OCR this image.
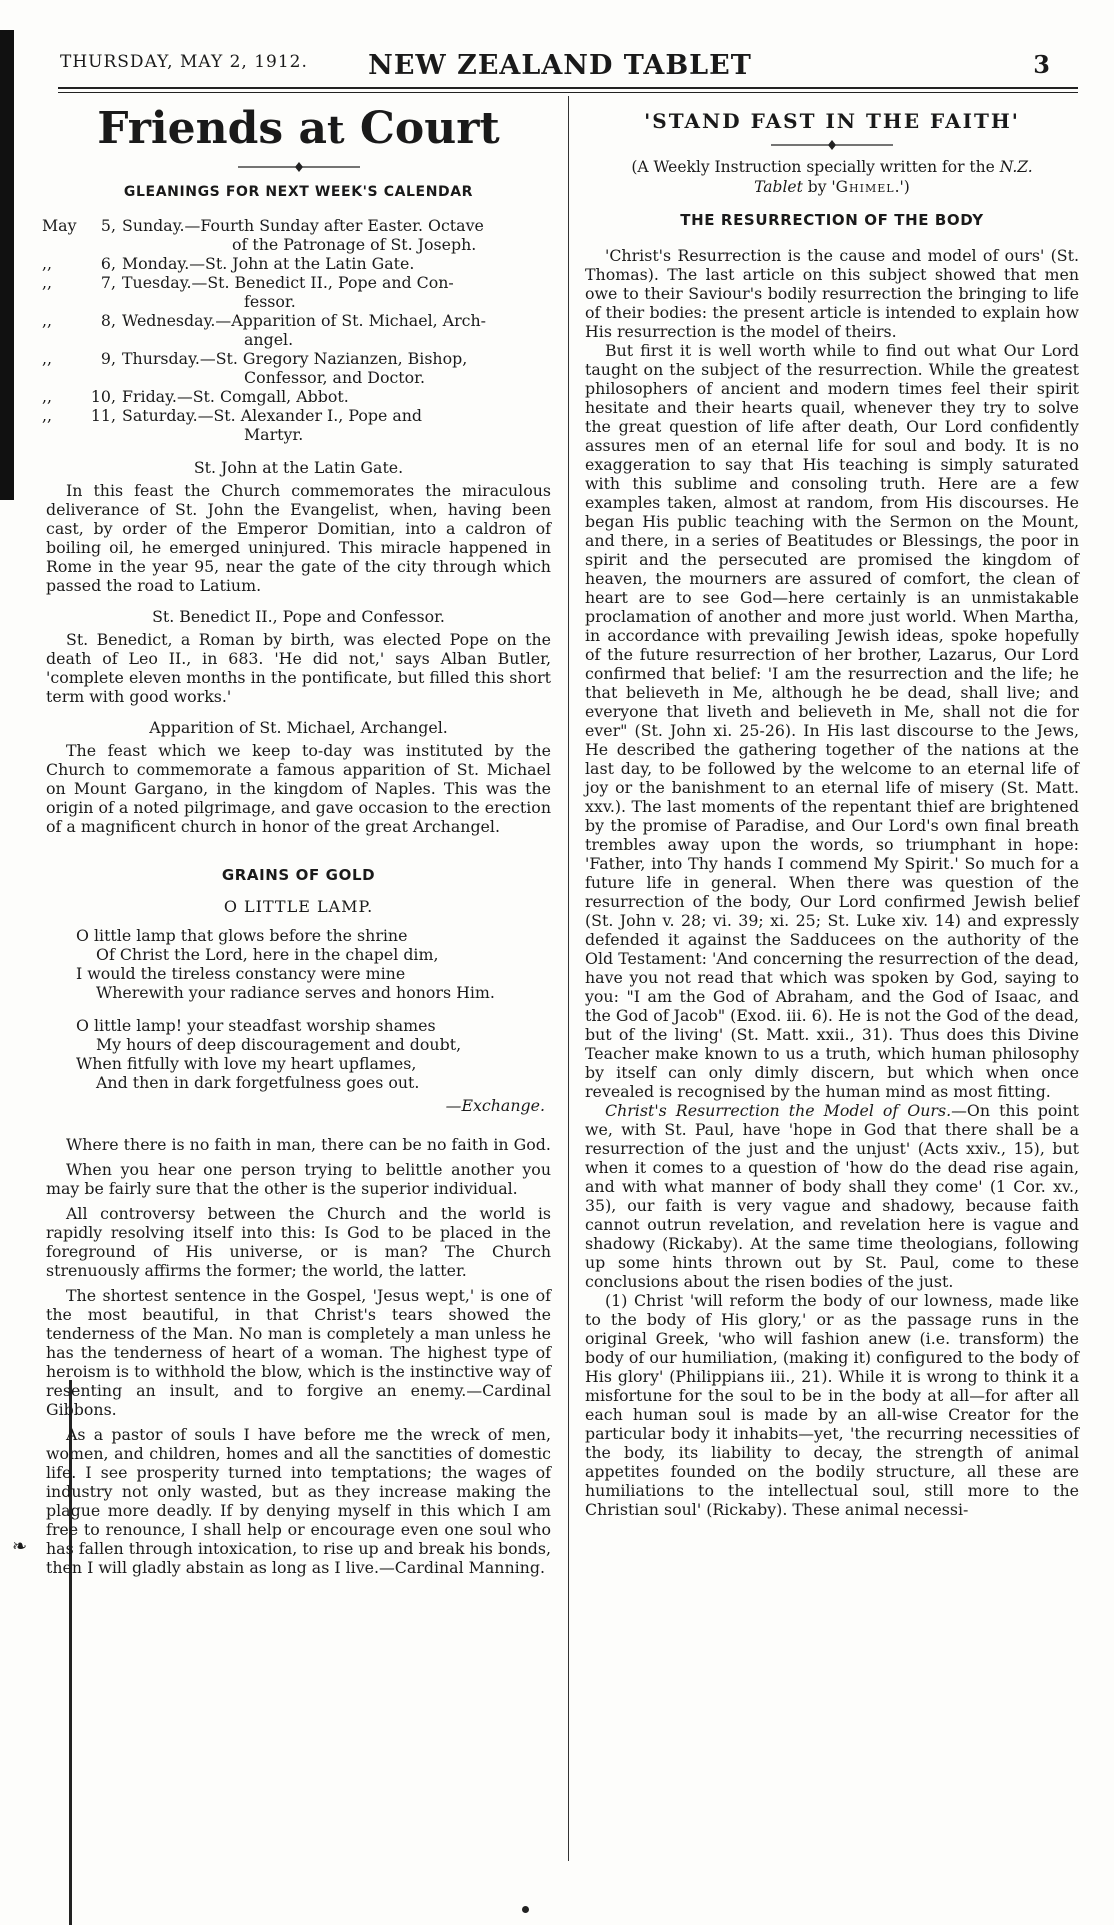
❧
THURSDAY, MAY 2, 1912.	NEW ZEALAND TABLET	3
Friends at Court
GLEANINGS FOR NEXT WEEK'S CALENDAR
May	5, Sunday.—Fourth Sunday after Easter. Octave
of the Patronage of St. Joseph.
,,	6, Monday.—St. John at the Latin Gate.
,,	7, Tuesday.—St. Benedict II., Pope and Con-
fessor.
,,	8, Wednesday.—Apparition of St. Michael, Arch-
angel.
,,	9, Thursday.—St. Gregory Nazianzen, Bishop,
Confessor, and Doctor.
,,	10, Friday.—St. Comgall, Abbot.
,,	11, Saturday.—St. Alexander I., Pope and
Martyr.
St. John at the Latin Gate.

In this feast the Church commemorates the miraculous deliverance of St. John the Evangelist, when, having been cast, by order of the Emperor Domitian, into a caldron of boiling oil, he emerged uninjured. This miracle happened in Rome in the year 95, near the gate of the city through which passed the road to Latium.

St. Benedict II., Pope and Confessor.

St. Benedict, a Roman by birth, was elected Pope on the death of Leo II., in 683. 'He did not,' says Alban Butler, 'complete eleven months in the pontificate, but filled this short term with good works.'

Apparition of St. Michael, Archangel.

The feast which we keep to-day was instituted by the Church to commemorate a famous apparition of St. Michael on Mount Gargano, in the kingdom of Naples. This was the origin of a noted pilgrimage, and gave occasion to the erection of a magnificent church in honor of the great Archangel.

GRAINS OF GOLD
O LITTLE LAMP.
O little lamp that glows before the shrine
Of Christ the Lord, here in the chapel dim,
I would the tireless constancy were mine
Wherewith your radiance serves and honors Him.
O little lamp! your steadfast worship shames
My hours of deep discouragement and doubt,
When fitfully with love my heart upflames,
And then in dark forgetfulness goes out.
—Exchange.

Where there is no faith in man, there can be no faith in God.

When you hear one person trying to belittle another you may be fairly sure that the other is the superior individual.

All controversy between the Church and the world is rapidly resolving itself into this: Is God to be placed in the foreground of His universe, or is man? The Church strenuously affirms the former; the world, the latter.

The shortest sentence in the Gospel, 'Jesus wept,' is one of the most beautiful, in that Christ's tears showed the tenderness of the Man. No man is completely a man unless he has the tenderness of heart of a woman. The highest type of heroism is to withhold the blow, which is the instinctive way of resenting an insult, and to forgive an enemy.—Cardinal Gibbons.

As a pastor of souls I have before me the wreck of men, women, and children, homes and all the sanctities of domestic life. I see prosperity turned into temptations; the wages of industry not only wasted, but as they increase making the plague more deadly. If by denying myself in this which I am free to renounce, I shall help or encourage even one soul who has fallen through intoxication, to rise up and break his bonds, then I will gladly abstain as long as I live.—Cardinal Manning.

'STAND FAST IN THE FAITH'
(A Weekly Instruction specially written for the N.Z.
Tablet by 'Ghimel.')
THE RESURRECTION OF THE BODY

'Christ's Resurrection is the cause and model of ours' (St. Thomas). The last article on this subject showed that men owe to their Saviour's bodily resurrection the bringing to life of their bodies: the present article is intended to explain how His resurrection is the model of theirs.

But first it is well worth while to find out what Our Lord taught on the subject of the resurrection. While the greatest philosophers of ancient and modern times feel their spirit hesitate and their hearts quail, whenever they try to solve the great question of life after death, Our Lord confidently assures men of an eternal life for soul and body. It is no exaggeration to say that His teaching is simply saturated with this sublime and consoling truth. Here are a few examples taken, almost at random, from His discourses. He began His public teaching with the Sermon on the Mount, and there, in a series of Beatitudes or Blessings, the poor in spirit and the persecuted are promised the kingdom of heaven, the mourners are assured of comfort, the clean of heart are to see God—here certainly is an unmistakable proclamation of another and more just world. When Martha, in accordance with prevailing Jewish ideas, spoke hopefully of the future resurrection of her brother, Lazarus, Our Lord confirmed that belief: 'I am the resurrection and the life; he that believeth in Me, although he be dead, shall live; and everyone that liveth and believeth in Me, shall not die for ever" (St. John xi. 25-26). In His last discourse to the Jews, He described the gathering together of the nations at the last day, to be followed by the welcome to an eternal life of joy or the banishment to an eternal life of misery (St. Matt. xxv.). The last moments of the repentant thief are brightened by the promise of Paradise, and Our Lord's own final breath trembles away upon the words, so triumphant in hope: 'Father, into Thy hands I commend My Spirit.' So much for a future life in general. When there was question of the resurrection of the body, Our Lord confirmed Jewish belief (St. John v. 28; vi. 39; xi. 25; St. Luke xiv. 14) and expressly defended it against the Sadducees on the authority of the Old Testament: 'And concerning the resurrection of the dead, have you not read that which was spoken by God, saying to you: "I am the God of Abraham, and the God of Isaac, and the God of Jacob" (Exod. iii. 6). He is not the God of the dead, but of the living' (St. Matt. xxii., 31). Thus does this Divine Teacher make known to us a truth, which human philosophy by itself can only dimly discern, but which when once revealed is recognised by the human mind as most fitting.

Christ's Resurrection the Model of Ours.—On this point we, with St. Paul, have 'hope in God that there shall be a resurrection of the just and the unjust' (Acts xxiv., 15), but when it comes to a question of 'how do the dead rise again, and with what manner of body shall they come' (1 Cor. xv., 35), our faith is very vague and shadowy, because faith cannot outrun revelation, and revelation here is vague and shadowy (Rickaby). At the same time theologians, following up some hints thrown out by St. Paul, come to these conclusions about the risen bodies of the just.

(1) Christ 'will reform the body of our lowness, made like to the body of His glory,' or as the passage runs in the original Greek, 'who will fashion anew (i.e. transform) the body of our humiliation, (making it) configured to the body of His glory' (Philippians iii., 21). While it is wrong to think it a misfortune for the soul to be in the body at all—for after all each human soul is made by an all-wise Creator for the particular body it inhabits—yet, 'the recurring necessities of the body, its liability to decay, the strength of animal appetites founded on the bodily structure, all these are humiliations to the intellectual soul, still more to the Christian soul' (Rickaby). These animal necessi-
